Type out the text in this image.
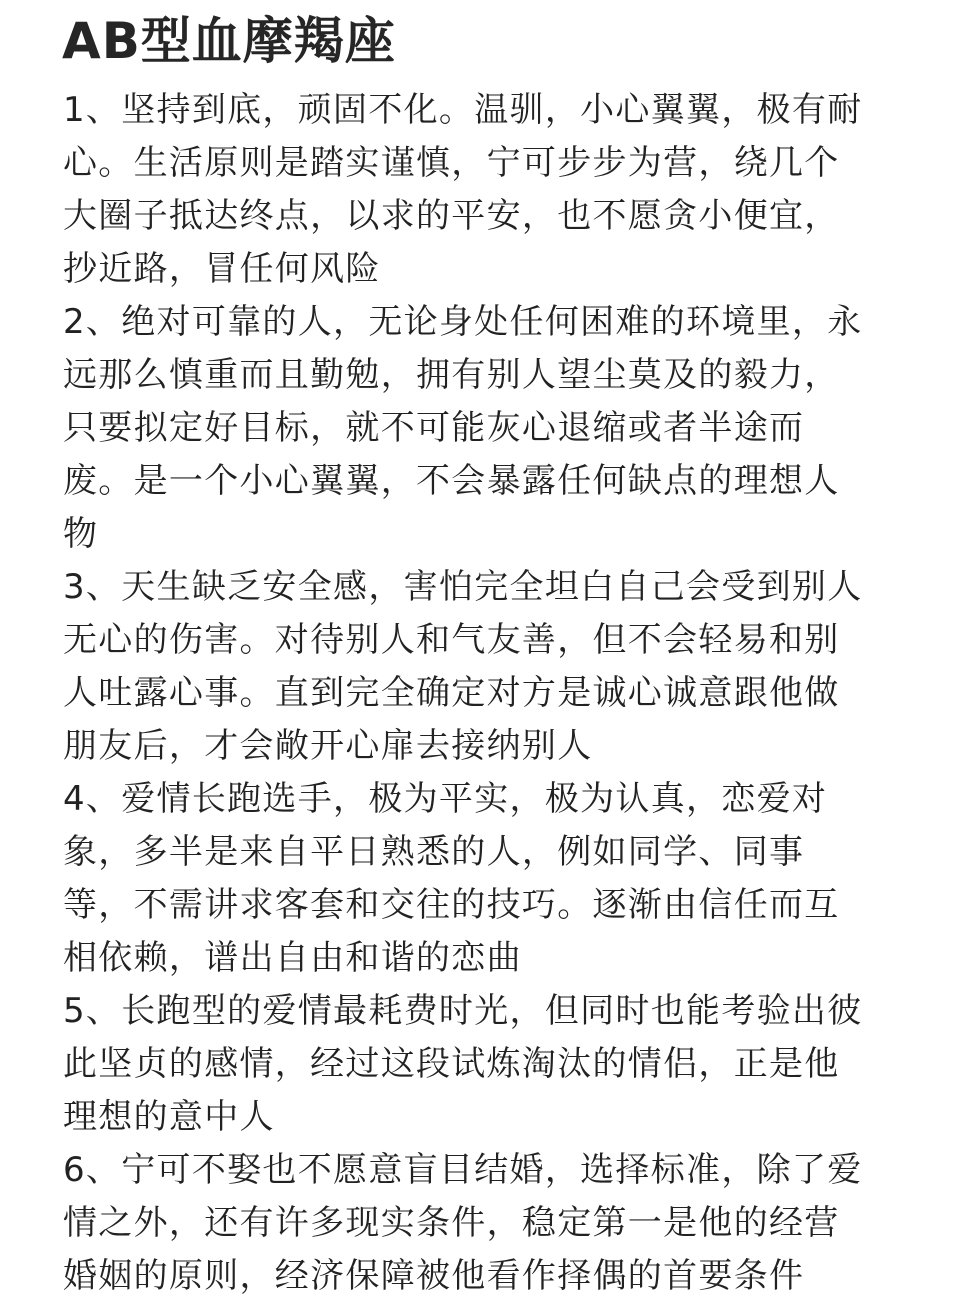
AB型血摩羯座
1、坚持到底，顽固不化。温驯，小心翼翼，极有耐
心。生活原则是踏实谨慎，宁可步步为营，绕几个
大圈子抵达终点，以求的平安，也不愿贪小便宜，
抄近路，冒任何风险
2、绝对可靠的人，无论身处任何困难的环境里，永
远那么慎重而且勤勉，拥有别人望尘莫及的毅力，
只要拟定好目标，就不可能灰心退缩或者半途而
废。是一个小心翼翼，不会暴露任何缺点的理想人
物
3、天生缺乏安全感，害怕完全坦白自己会受到别人
无心的伤害。对待别人和气友善，但不会轻易和别
人吐露心事。直到完全确定对方是诚心诚意跟他做
朋友后，才会敞开心扉去接纳别人
4、爱情长跑选手，极为平实，极为认真，恋爱对
象，多半是来自平日熟悉的人，例如同学、同事
等，不需讲求客套和交往的技巧。逐渐由信任而互
相依赖，谱出自由和谐的恋曲
5、长跑型的爱情最耗费时光，但同时也能考验出彼
此坚贞的感情，经过这段试炼淘汰的情侣，正是他
理想的意中人
6、宁可不娶也不愿意盲目结婚，选择标准，除了爱
情之外，还有许多现实条件，稳定第一是他的经营
婚姻的原则，经济保障被他看作择偶的首要条件
